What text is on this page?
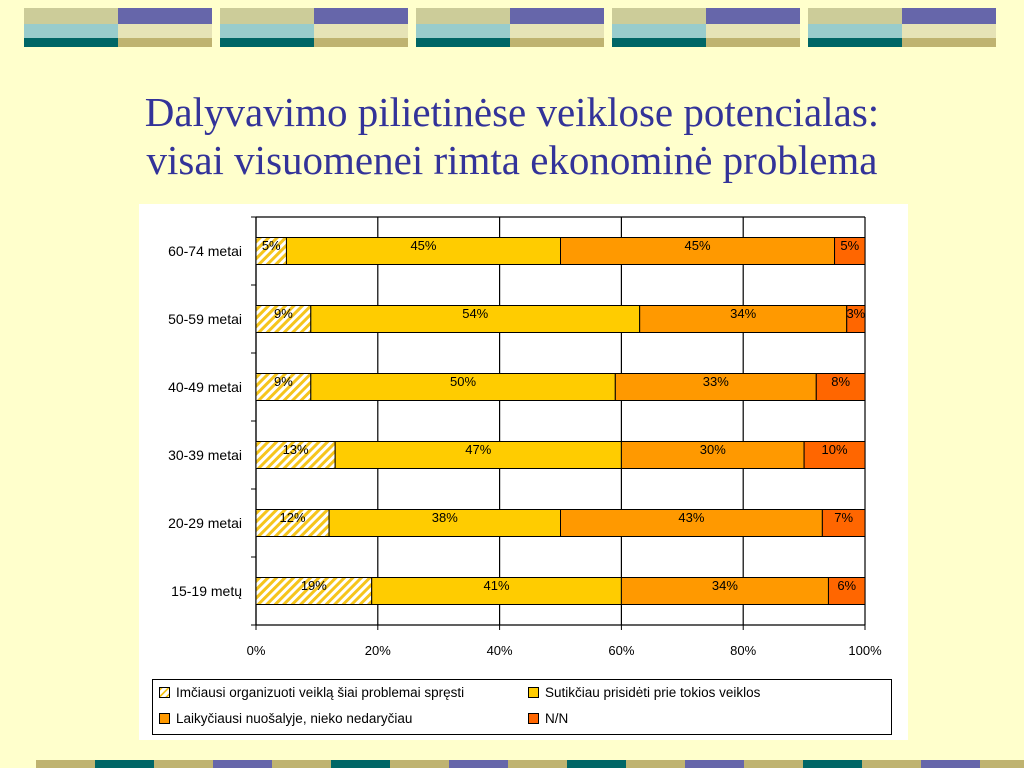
Dalyvavimo pilietinėse veiklose potencialas:
visai visuomenei rimta ekonominė problema
0%	20%	40%	60%	80%	100%
60-74 metai 5%	45%	45%	5%
50-59 metai 9%	54%	34%	3%
40-49 metai 9%	50%	33%	8%
30-39 metai	13%	47%	30%	10%
20-29 metai	12%	38%	43%	7%
15-19 metų	19%	41%	34%	6%
Imčiausi organizuoti veiklą šiai problemai spręsti	Sutikčiau prisidėti prie tokios veiklos
Laikyčiausi nuošalyje, nieko nedaryčiau	N/N
